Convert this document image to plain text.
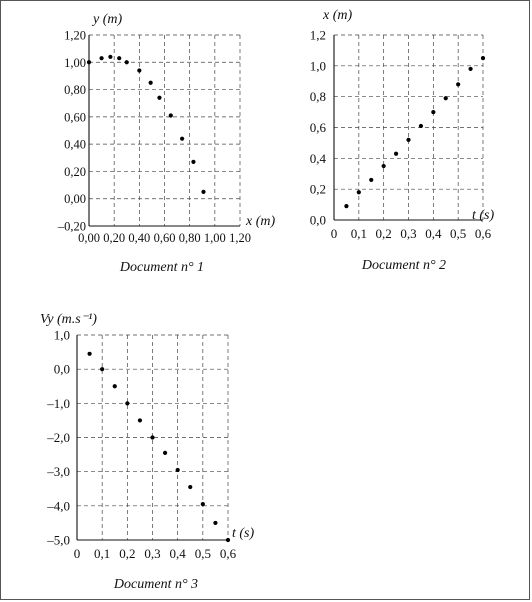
–0,20
0,00
0,20
0,40
0,60
0,80
1,00
1,20
0,00 0,20 0,40 0,60 0,80 1,00 1,20
y (m)
x (m)
Document n° 1
0,0
0,2
0,4
0,6
0,8
1,0
1,2
0 0,1 0,2 0,3 0,4 0,5 0,6
x (m)
t (s)
Document n° 2
–5,0
–4,0
–3,0
–2,0
–1,0
0,0
1,0
0 0,1 0,2 0,3 0,4 0,5 0,6
Vy (m.s⁻¹)
t (s)
Document n° 3
